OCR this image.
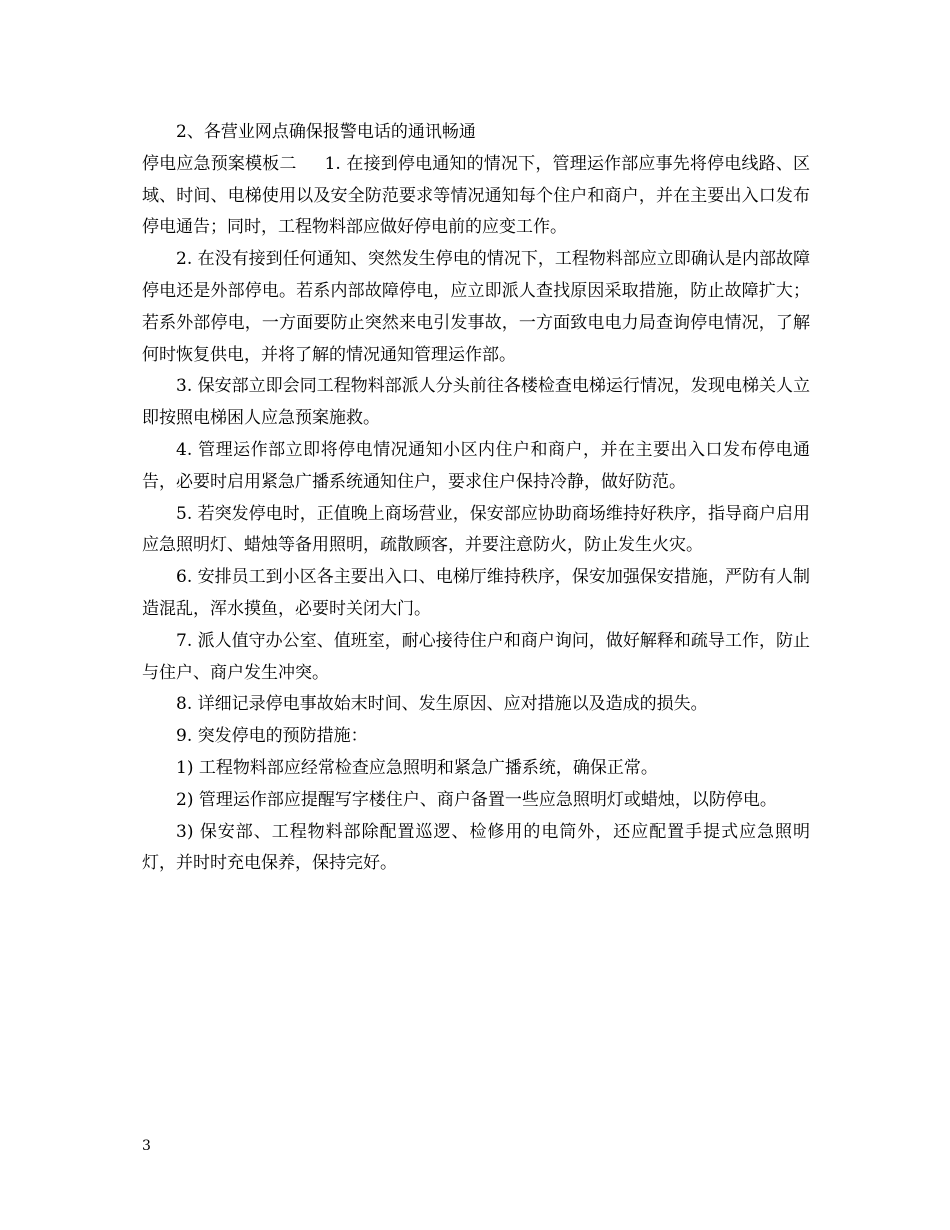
2、各营业网点确保报警电话的通讯畅通

停电应急预案模板二 1. 在接到停电通知的情况下，管理运作部应事先将停电线路、区域、时间、电梯使用以及安全防范要求等情况通知每个住户和商户，并在主要出入口发布停电通告；同时，工程物料部应做好停电前的应变工作。

2. 在没有接到任何通知、突然发生停电的情况下，工程物料部应立即确认是内部故障停电还是外部停电。若系内部故障停电，应立即派人查找原因采取措施，防止故障扩大；若系外部停电，一方面要防止突然来电引发事故，一方面致电电力局查询停电情况，了解何时恢复供电，并将了解的情况通知管理运作部。

3. 保安部立即会同工程物料部派人分头前往各楼检查电梯运行情况，发现电梯关人立即按照电梯困人应急预案施救。

4. 管理运作部立即将停电情况通知小区内住户和商户，并在主要出入口发布停电通告，必要时启用紧急广播系统通知住户，要求住户保持冷静，做好防范。

5. 若突发停电时，正值晚上商场营业，保安部应协助商场维持好秩序，指导商户启用应急照明灯、蜡烛等备用照明，疏散顾客，并要注意防火，防止发生火灾。

6. 安排员工到小区各主要出入口、电梯厅维持秩序，保安加强保安措施，严防有人制造混乱，浑水摸鱼，必要时关闭大门。

7. 派人值守办公室、值班室，耐心接待住户和商户询问，做好解释和疏导工作，防止与住户、商户发生冲突。

8. 详细记录停电事故始末时间、发生原因、应对措施以及造成的损失。

9. 突发停电的预防措施：

1) 工程物料部应经常检查应急照明和紧急广播系统，确保正常。

2) 管理运作部应提醒写字楼住户、商户备置一些应急照明灯或蜡烛，以防停电。

3) 保安部、工程物料部除配置巡逻、检修用的电筒外，还应配置手提式应急照明灯，并时时充电保养，保持完好。

3
